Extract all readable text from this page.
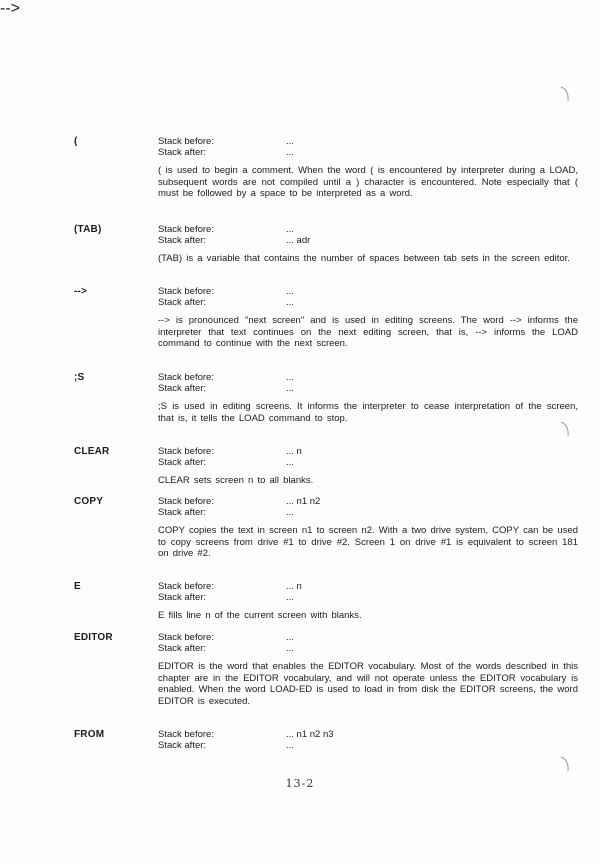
(	Stack before:	...
Stack after:	...
( is used to begin a comment. When the word ( is encountered by interpreter during a LOAD, subsequent words are not compiled until a ) character is encountered. Note especially that ( must be followed by a space to be interpreted as a word.
(TAB)	Stack before:	...
Stack after:	... adr
(TAB) is a variable that contains the number of spaces between tab sets in the screen editor.
-->
-->	Stack before:	...
Stack after:	...
--> is pronounced "next screen" and is used in editing screens. The word --> informs the interpreter that text continues on the next editing screen, that is, --> informs the LOAD command to continue with the next screen.
;S	Stack before:	...
Stack after:	...
;S is used in editing screens. It informs the interpreter to cease interpretation of the screen, that is, it tells the LOAD command to stop.
CLEAR	Stack before:	... n
Stack after:	...
CLEAR sets screen n to all blanks.
COPY	Stack before:	... n1 n2
Stack after:	...
COPY copies the text in screen n1 to screen n2. With a two drive system, COPY can be used to copy screens from drive #1 to drive #2. Screen 1 on drive #1 is equivalent to screen 181 on drive #2.
E	Stack before:	... n
Stack after:	...
E fills line n of the current screen with blanks.
EDITOR	Stack before:	...
Stack after:	...
EDITOR is the word that enables the EDITOR vocabulary. Most of the words described in this chapter are in the EDITOR vocabulary, and will not operate unless the EDITOR vocabulary is enabled. When the word LOAD-ED is used to load in from disk the EDITOR screens, the word EDITOR is executed.
FROM	Stack before:	... n1 n2 n3
Stack after:	...
13-2
